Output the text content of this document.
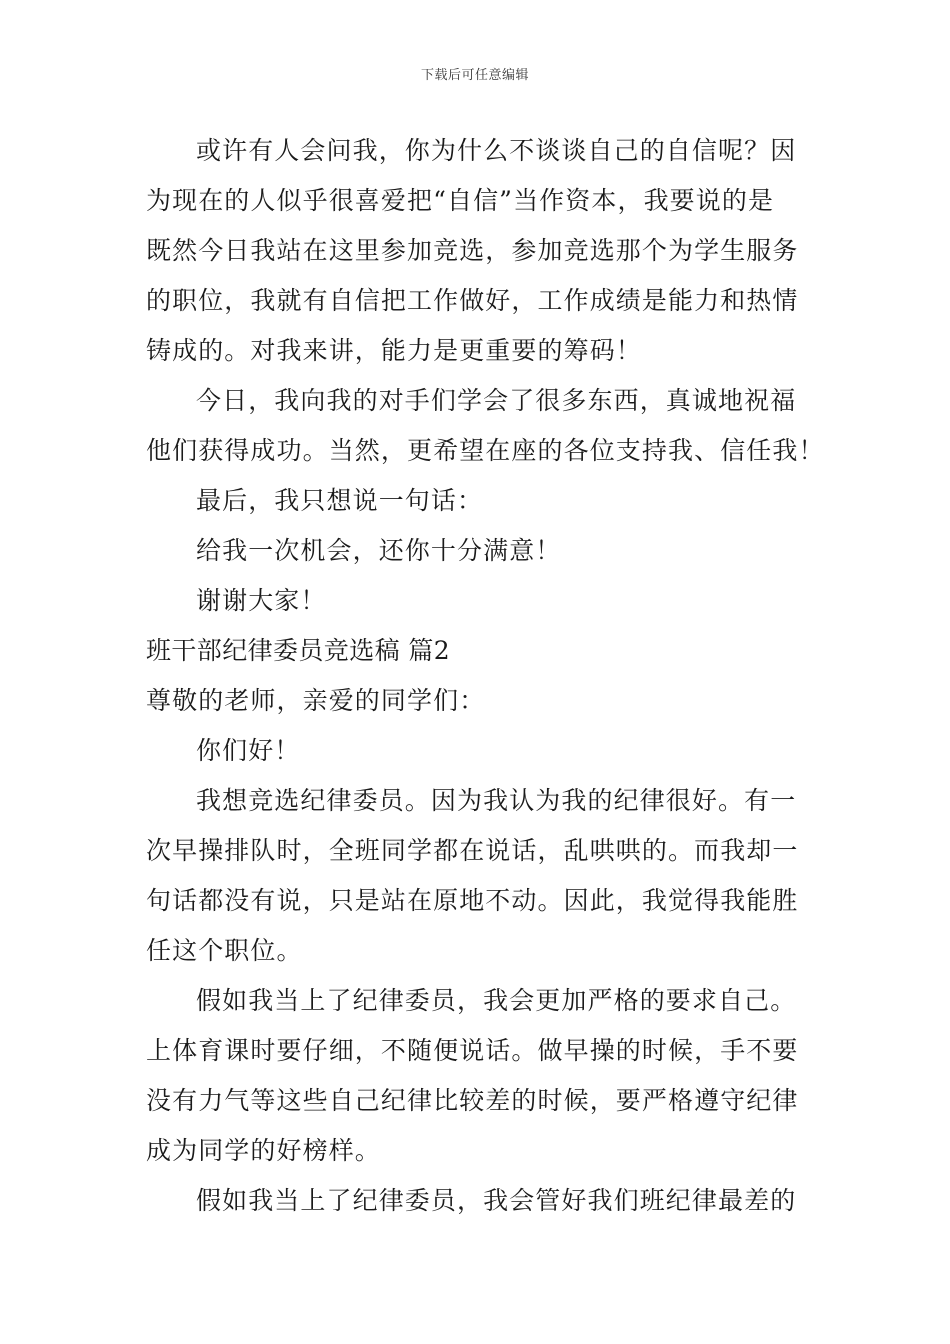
下载后可任意编辑
或许有人会问我，你为什么不谈谈自己的自信呢？因
为现在的人似乎很喜爱把“自信”当作资本，我要说的是
既然今日我站在这里参加竞选，参加竞选那个为学生服务
的职位，我就有自信把工作做好，工作成绩是能力和热情
铸成的。对我来讲，能力是更重要的筹码！
今日，我向我的对手们学会了很多东西，真诚地祝福
他们获得成功。当然，更希望在座的各位支持我、信任我！
最后，我只想说一句话：
给我一次机会，还你十分满意！
谢谢大家！
班干部纪律委员竞选稿 篇2
尊敬的老师，亲爱的同学们：
你们好！
我想竞选纪律委员。因为我认为我的纪律很好。有一
次早操排队时，全班同学都在说话，乱哄哄的。而我却一
句话都没有说，只是站在原地不动。因此，我觉得我能胜
任这个职位。
假如我当上了纪律委员，我会更加严格的要求自己。
上体育课时要仔细，不随便说话。做早操的时候，手不要
没有力气等这些自己纪律比较差的时候，要严格遵守纪律
成为同学的好榜样。
假如我当上了纪律委员，我会管好我们班纪律最差的
